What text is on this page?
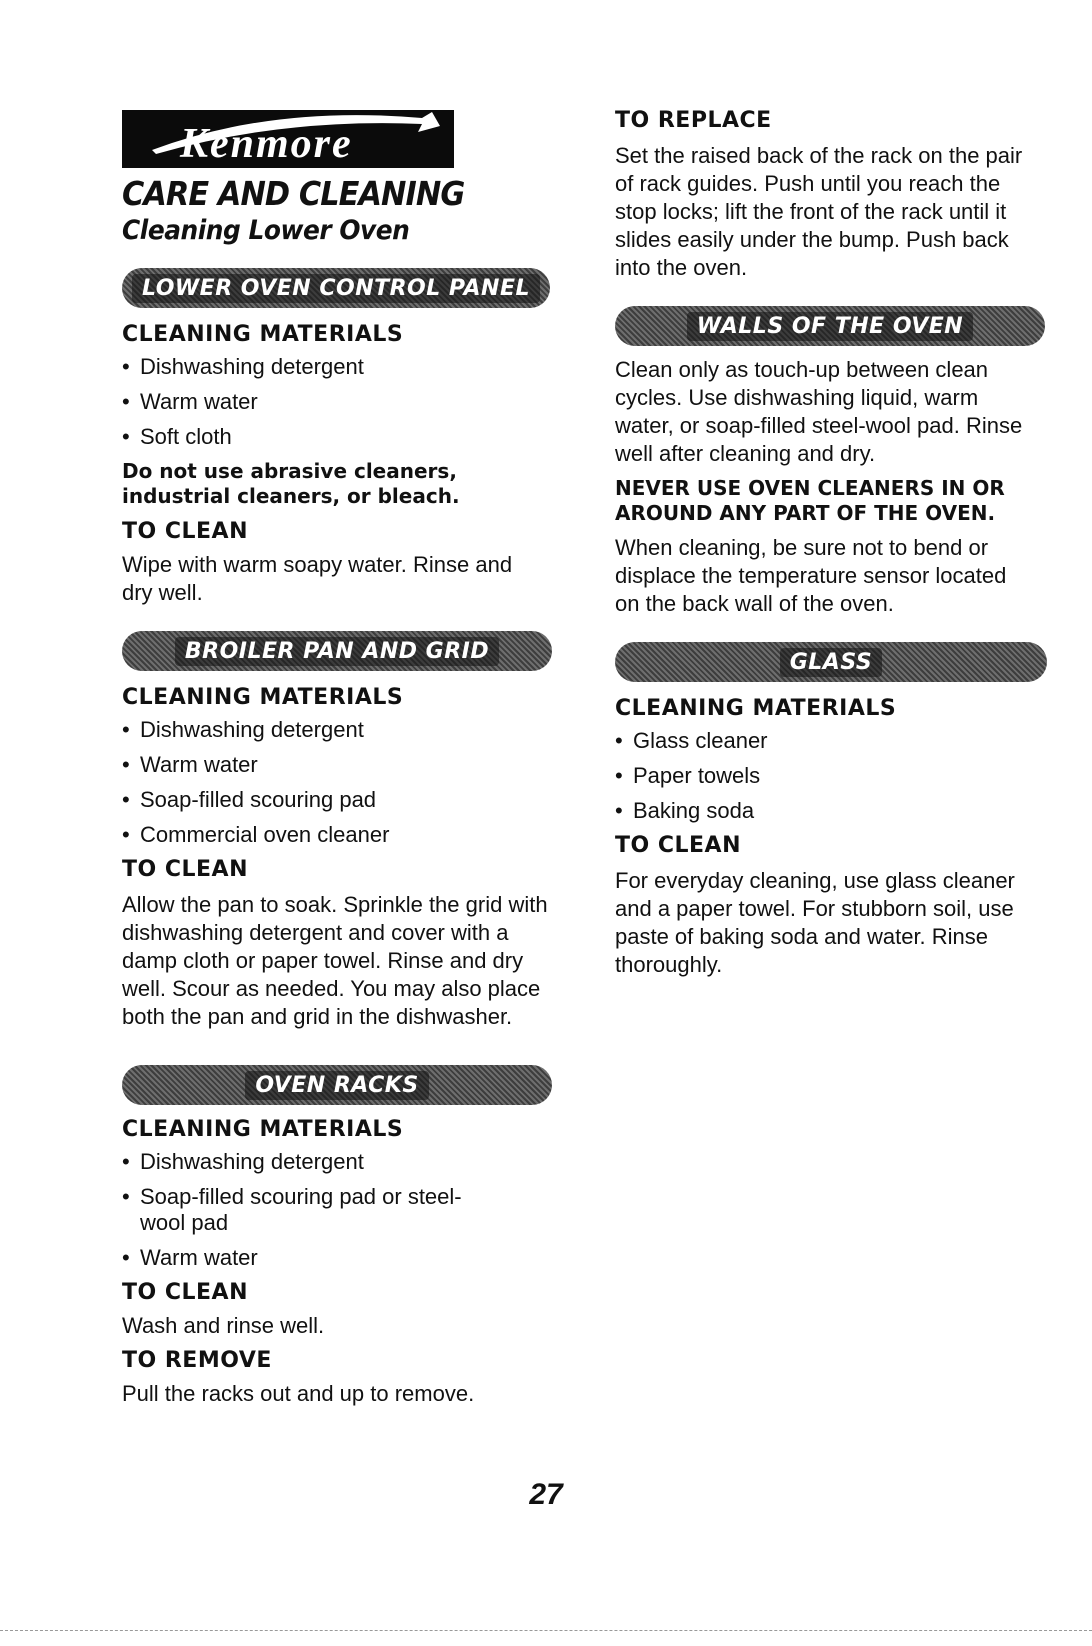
Kenmore
CARE AND CLEANING
Cleaning Lower Oven
LOWER OVEN CONTROL PANEL
CLEANING MATERIALS
• Dishwashing detergent
• Warm water
• Soft cloth
Do not use abrasive cleaners, industrial cleaners, or bleach.
TO CLEAN
Wipe with warm soapy water. Rinse and dry well.
BROILER PAN AND GRID
CLEANING MATERIALS
• Dishwashing detergent
• Warm water
• Soap-filled scouring pad
• Commercial oven cleaner
TO CLEAN
Allow the pan to soak. Sprinkle the grid with dishwashing detergent and cover with a damp cloth or paper towel. Rinse and dry well. Scour as needed. You may also place both the pan and grid in the dishwasher.
OVEN RACKS
CLEANING MATERIALS
• Dishwashing detergent
• Soap-filled scouring pad or steel-wool pad
• Warm water
TO CLEAN
Wash and rinse well.
TO REMOVE
Pull the racks out and up to remove.
TO REPLACE
Set the raised back of the rack on the pair of rack guides. Push until you reach the stop locks; lift the front of the rack until it slides easily under the bump. Push back into the oven.
WALLS OF THE OVEN
Clean only as touch-up between clean cycles. Use dishwashing liquid, warm water, or soap-filled steel-wool pad. Rinse well after cleaning and dry.
NEVER USE OVEN CLEANERS IN OR AROUND ANY PART OF THE OVEN.
When cleaning, be sure not to bend or displace the temperature sensor located on the back wall of the oven.
GLASS
CLEANING MATERIALS
• Glass cleaner
• Paper towels
• Baking soda
TO CLEAN
For everyday cleaning, use glass cleaner and a paper towel. For stubborn soil, use paste of baking soda and water. Rinse thoroughly.
27
